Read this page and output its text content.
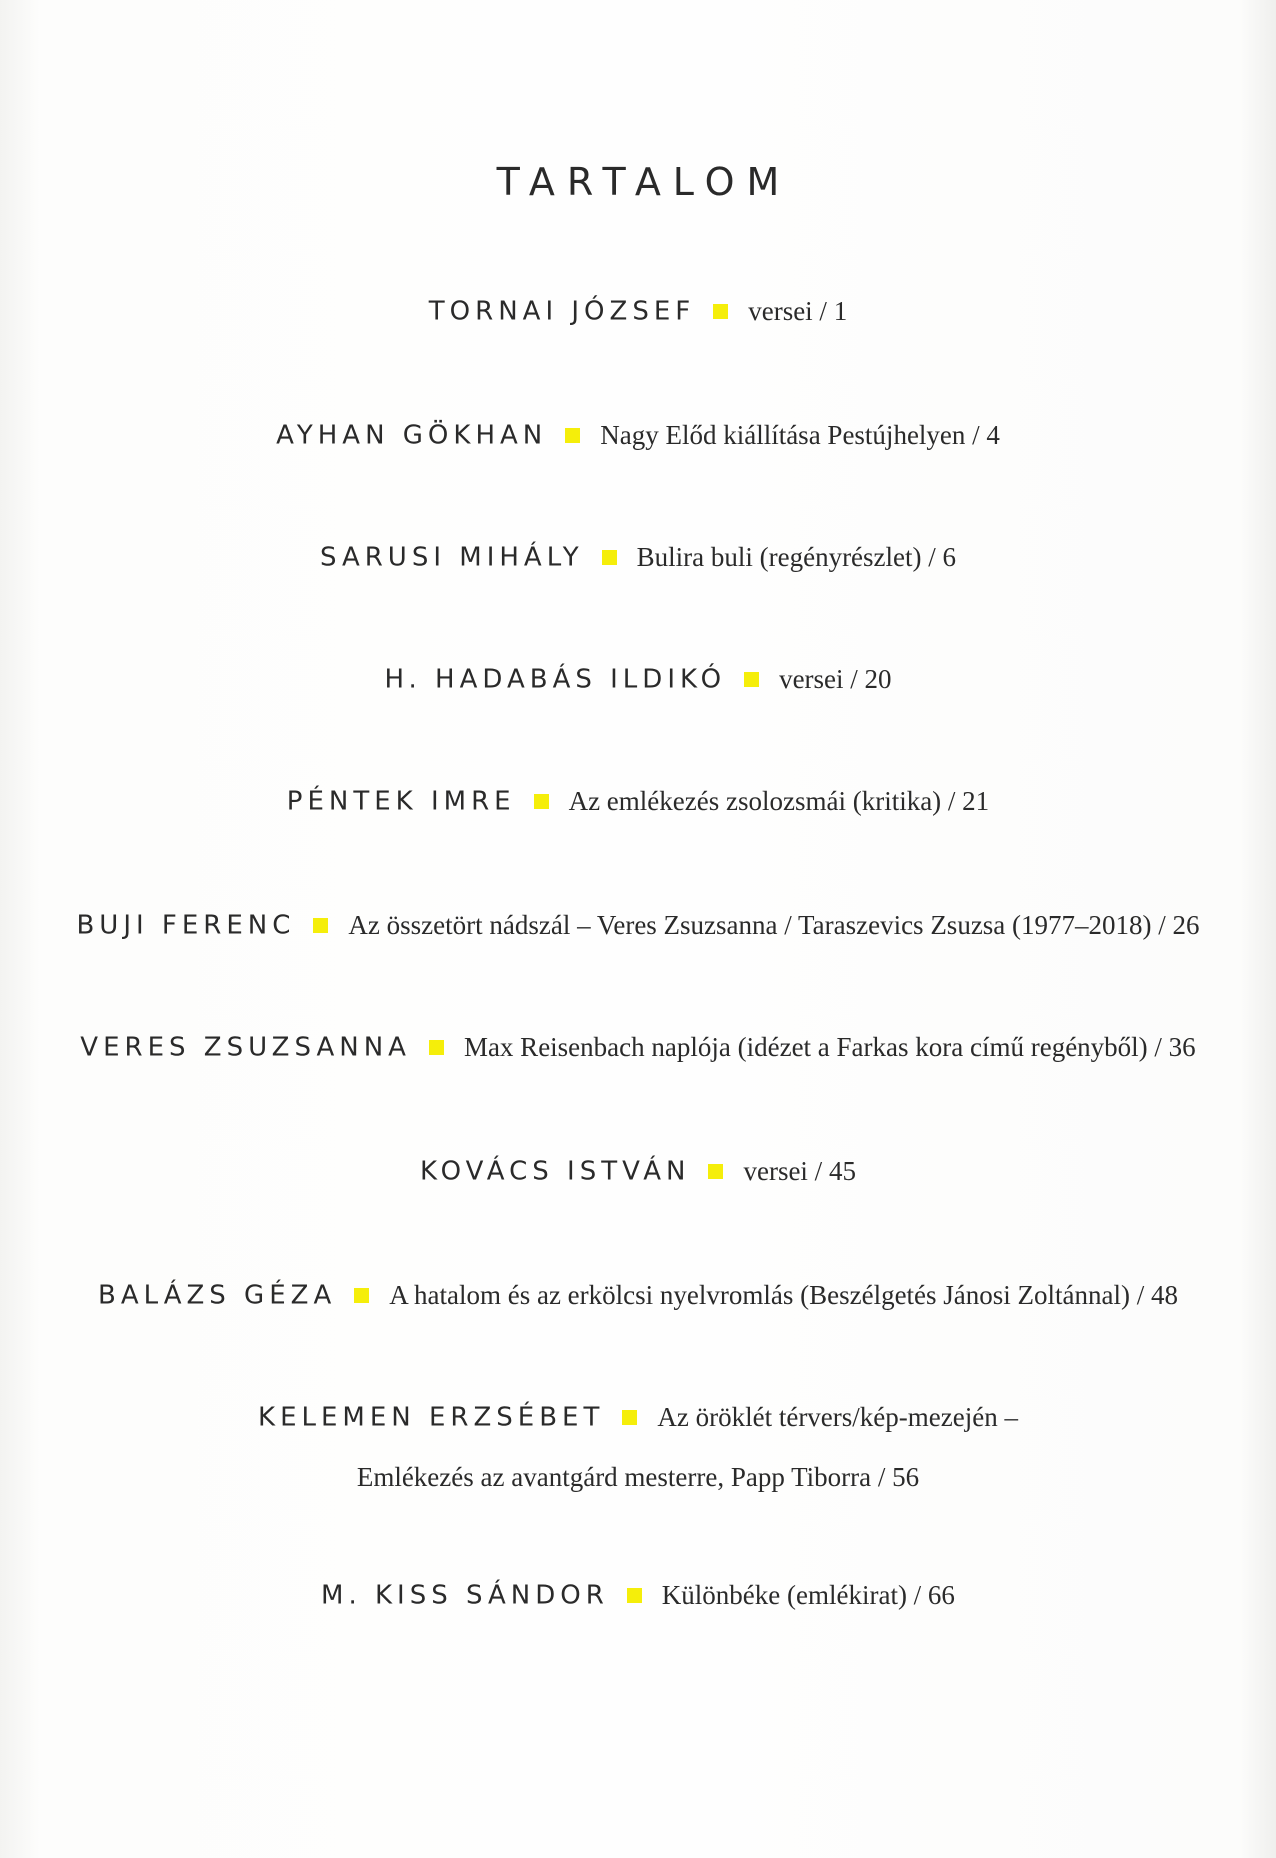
TARTALOM
TORNAI JÓZSEF versei / 1
AYHAN GÖKHAN Nagy Előd kiállítása Pestújhelyen / 4
SARUSI MIHÁLY Bulira buli (regényrészlet) / 6
H. HADABÁS ILDIKÓ versei / 20
PÉNTEK IMRE Az emlékezés zsolozsmái (kritika) / 21
BUJI FERENC Az összetört nádszál – Veres Zsuzsanna / Taraszevics Zsuzsa (1977–2018) / 26
VERES ZSUZSANNA Max Reisenbach naplója (idézet a Farkas kora című regényből) / 36
KOVÁCS ISTVÁN versei / 45
BALÁZS GÉZA A hatalom és az erkölcsi nyelvromlás (Beszélgetés Jánosi Zoltánnal) / 48
KELEMEN ERZSÉBET Az öröklét térvers/kép-mezején –
Emlékezés az avantgárd mesterre, Papp Tiborra / 56
M. KISS SÁNDOR Különbéke (emlékirat) / 66
